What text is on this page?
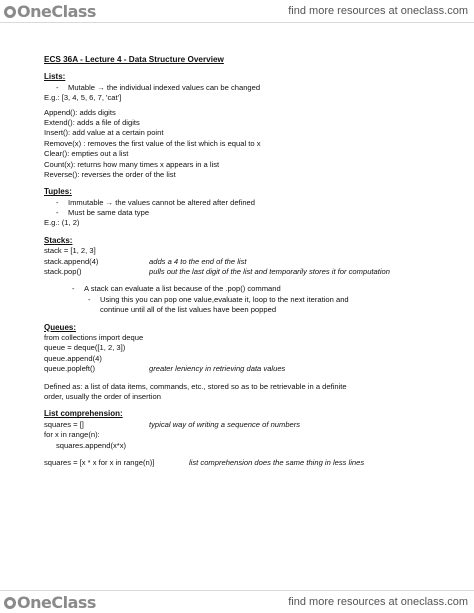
OneClass	find more resources at oneclass.com
ECS 36A - Lecture 4 - Data Structure Overview
Lists:
- Mutable → the individual indexed values can be changed
E.g.: [3, 4, 5, 6, 7, 'cat']
Append(): adds digits
Extend(): adds a file of digits
Insert(): add value at a certain point
Remove(x) : removes the first value of the list which is equal to x
Clear(): empties out a list
Count(x): returns how many times x appears in a list
Reverse(): reverses the order of the list
Tuples:
- Immutable → the values cannot be altered after defined
- Must be same data type
E.g.: (1, 2)
Stacks:
stack = [1, 2, 3]
stack.append(4)	adds a 4 to the end of the list
stack.pop()	pulls out the last digit of the list and temporarily stores it for computation
- A stack can evaluate a list because of the .pop() command
- Using this you can pop one value,evaluate it, loop to the next iteration and
continue until all of the list values have been popped
Queues:
from collections import deque
queue = deque([1, 2, 3])
queue.append(4)
queue.popleft()	greater leniency in retrieving data values
Defined as: a list of data items, commands, etc., stored so as to be retrievable in a definite
order, usually the order of insertion
List comprehension:
squares = []	typical way of writing a sequence of numbers
for x in range(n):
squares.append(x*x)
squares = [x * x for x in range(n)]	list comprehension does the same thing in less lines
OneClass	find more resources at oneclass.com
